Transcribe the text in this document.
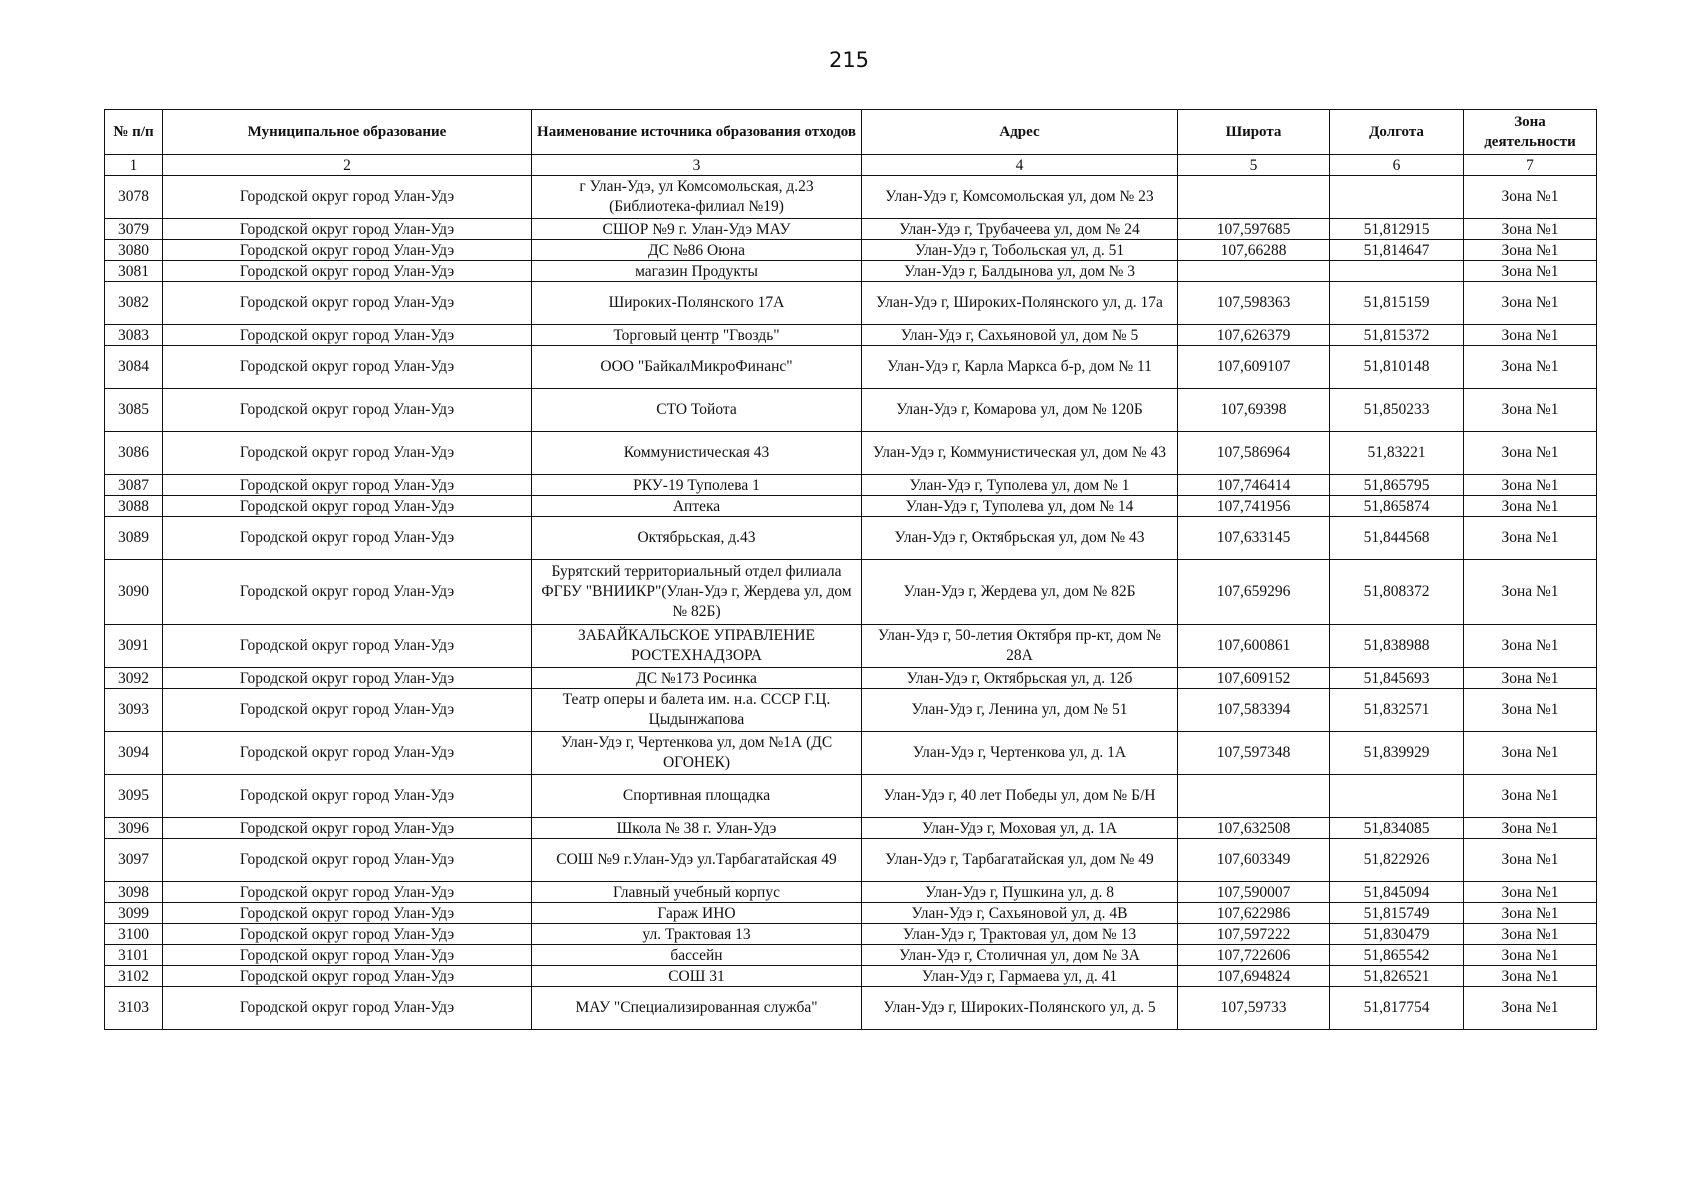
215
№ п/п	Муниципальное образование	Наименование источника образования отходов	Адрес	Широта	Долгота	Зона деятельности
1	2	3	4	5	6	7
3078	Городской округ город Улан-Удэ	г Улан-Удэ, ул Комсомольская, д.23 (Библиотека-филиал №19)	Улан-Удэ г, Комсомольская ул, дом № 23			Зона №1
3079	Городской округ город Улан-Удэ	СШОР №9 г. Улан-Удэ МАУ	Улан-Удэ г, Трубачеева ул, дом № 24	107,597685	51,812915	Зона №1
3080	Городской округ город Улан-Удэ	ДС №86 Оюна	Улан-Удэ г, Тобольская ул, д. 51	107,66288	51,814647	Зона №1
3081	Городской округ город Улан-Удэ	магазин Продукты	Улан-Удэ г, Балдынова ул, дом № 3			Зона №1
3082	Городской округ город Улан-Удэ	Широких-Полянского 17А	Улан-Удэ г, Широких-Полянского ул, д. 17а	107,598363	51,815159	Зона №1
3083	Городской округ город Улан-Удэ	Торговый центр "Гвоздь"	Улан-Удэ г, Сахьяновой ул, дом № 5	107,626379	51,815372	Зона №1
3084	Городской округ город Улан-Удэ	ООО "БайкалМикроФинанс"	Улан-Удэ г, Карла Маркса б-р, дом № 11	107,609107	51,810148	Зона №1
3085	Городской округ город Улан-Удэ	СТО Тойота	Улан-Удэ г, Комарова ул, дом № 120Б	107,69398	51,850233	Зона №1
3086	Городской округ город Улан-Удэ	Коммунистическая 43	Улан-Удэ г, Коммунистическая ул, дом № 43	107,586964	51,83221	Зона №1
3087	Городской округ город Улан-Удэ	РКУ-19 Туполева 1	Улан-Удэ г, Туполева ул, дом № 1	107,746414	51,865795	Зона №1
3088	Городской округ город Улан-Удэ	Аптека	Улан-Удэ г, Туполева ул, дом № 14	107,741956	51,865874	Зона №1
3089	Городской округ город Улан-Удэ	Октябрьская, д.43	Улан-Удэ г, Октябрьская ул, дом № 43	107,633145	51,844568	Зона №1
3090	Городской округ город Улан-Удэ	Бурятский территориальный отдел филиала ФГБУ "ВНИИКР"(Улан-Удэ г, Жердева ул, дом № 82Б)	Улан-Удэ г, Жердева ул, дом № 82Б	107,659296	51,808372	Зона №1
3091	Городской округ город Улан-Удэ	ЗАБАЙКАЛЬСКОЕ УПРАВЛЕНИЕ РОСТЕХНАДЗОРА	Улан-Удэ г, 50-летия Октября пр-кт, дом № 28А	107,600861	51,838988	Зона №1
3092	Городской округ город Улан-Удэ	ДС №173 Росинка	Улан-Удэ г, Октябрьская ул, д. 12б	107,609152	51,845693	Зона №1
3093	Городской округ город Улан-Удэ	Театр оперы и балета им. н.а. СССР Г.Ц. Цыдынжапова	Улан-Удэ г, Ленина ул, дом № 51	107,583394	51,832571	Зона №1
3094	Городской округ город Улан-Удэ	Улан-Удэ г, Чертенкова ул, дом №1А (ДС ОГОНЕК)	Улан-Удэ г, Чертенкова ул, д. 1А	107,597348	51,839929	Зона №1
3095	Городской округ город Улан-Удэ	Спортивная площадка	Улан-Удэ г, 40 лет Победы ул, дом № Б/Н			Зона №1
3096	Городской округ город Улан-Удэ	Школа № 38 г. Улан-Удэ	Улан-Удэ г, Моховая ул, д. 1А	107,632508	51,834085	Зона №1
3097	Городской округ город Улан-Удэ	СОШ №9 г.Улан-Удэ ул.Тарбагатайская 49	Улан-Удэ г, Тарбагатайская ул, дом № 49	107,603349	51,822926	Зона №1
3098	Городской округ город Улан-Удэ	Главный учебный корпус	Улан-Удэ г, Пушкина ул, д. 8	107,590007	51,845094	Зона №1
3099	Городской округ город Улан-Удэ	Гараж ИНО	Улан-Удэ г, Сахьяновой ул, д. 4В	107,622986	51,815749	Зона №1
3100	Городской округ город Улан-Удэ	ул. Трактовая 13	Улан-Удэ г, Трактовая ул, дом № 13	107,597222	51,830479	Зона №1
3101	Городской округ город Улан-Удэ	бассейн	Улан-Удэ г, Столичная ул, дом № 3А	107,722606	51,865542	Зона №1
3102	Городской округ город Улан-Удэ	СОШ 31	Улан-Удэ г, Гармаева ул, д. 41	107,694824	51,826521	Зона №1
3103	Городской округ город Улан-Удэ	МАУ "Специализированная служба"	Улан-Удэ г, Широких-Полянского ул, д. 5	107,59733	51,817754	Зона №1
